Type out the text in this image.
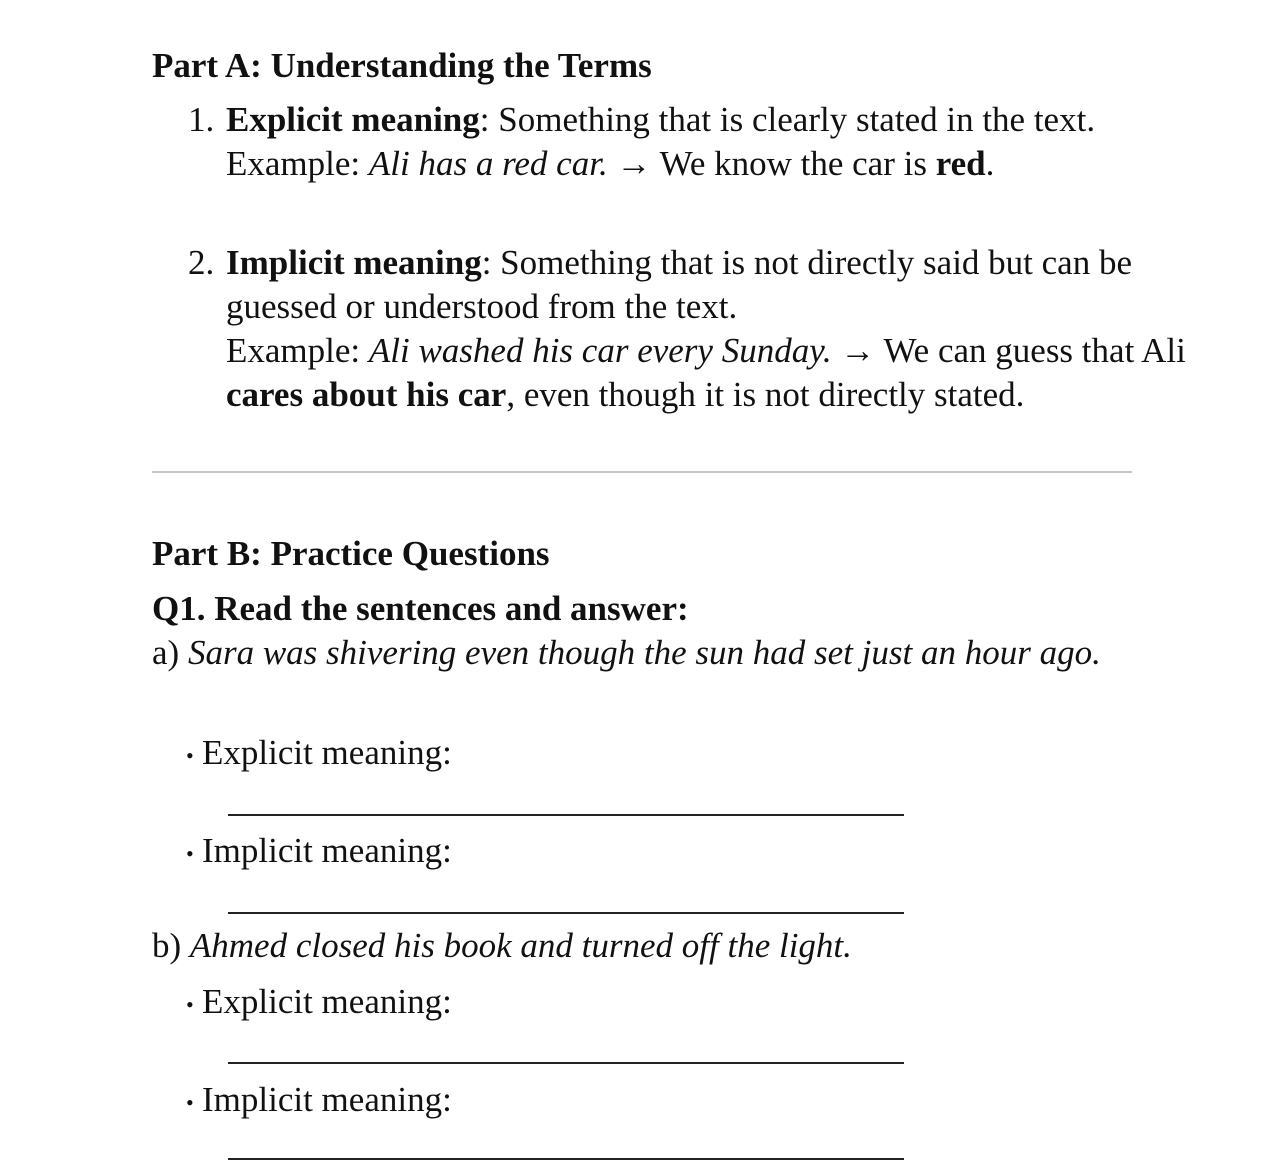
Part A: Understanding the Terms
1. Explicit meaning: Something that is clearly stated in the text.
Example: Ali has a red car. → We know the car is red.
2. Implicit meaning: Something that is not directly said but can be guessed or understood from the text.
Example: Ali washed his car every Sunday. → We can guess that Ali cares about his car, even though it is not directly stated.
Part B: Practice Questions
Q1. Read the sentences and answer:
a) Sara was shivering even though the sun had set just an hour ago.
• Explicit meaning:
• Implicit meaning:
b) Ahmed closed his book and turned off the light.
• Explicit meaning:
• Implicit meaning:
